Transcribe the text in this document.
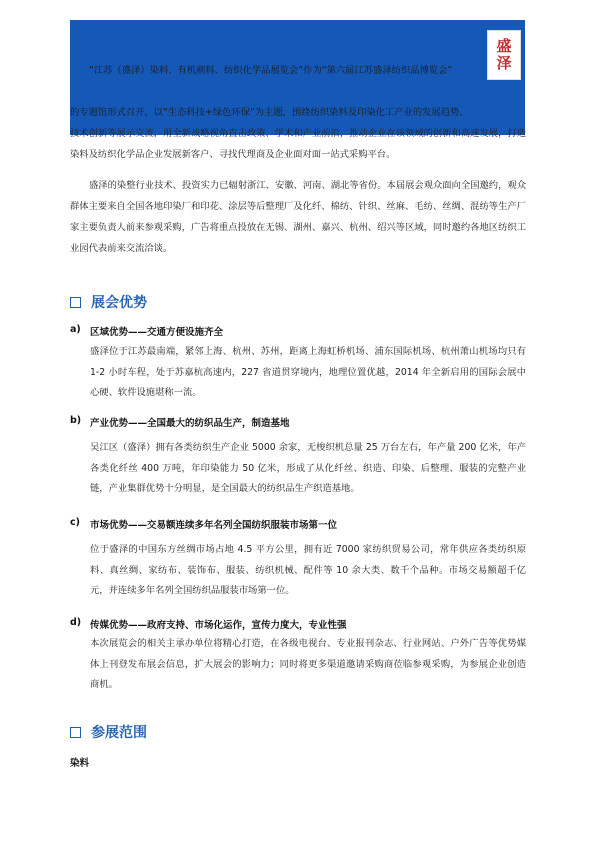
盛
泽

“江苏（盛泽）染料、有机颜料、纺织化学品展览会”作为“第六届江苏盛泽纺织品博览会”

的专题馆形式召开，以“生态科技+绿色环保”为主题，围绕纺织染料及印染化工产业的发展趋势、

技术创新等展示交流，用全新战略视角直击政策、学术和产业前沿，推动企业在该领域的创新和高速发展，打造染料及纺织化学品企业发展新客户、寻找代理商及企业面对面一站式采购平台。

盛泽的染整行业技术、投资实力已辐射浙江、安徽、河南、湖北等省份。本届展会观众面向全国邀约，观众群体主要来自全国各地印染厂和印花、涂层等后整理厂及化纤、棉纺、针织、丝麻、毛纺、丝绸、混纺等生产厂家主要负责人前来参观采购，广告将重点投放在无锡、湖州、嘉兴、杭州、绍兴等区域，同时邀约各地区纺织工业园代表前来交流洽谈。

展会优势
a) 区域优势——交通方便设施齐全

盛泽位于江苏最南端，紧邻上海、杭州、苏州，距离上海虹桥机场、浦东国际机场、杭州萧山机场均只有 1-2 小时车程，处于苏嘉杭高速内，227 省道贯穿境内，地理位置优越，2014 年全新启用的国际会展中心硬、软件设施堪称一流。

b) 产业优势——全国最大的纺织品生产，制造基地

吴江区（盛泽）拥有各类纺织生产企业 5000 余家，无梭织机总量 25 万台左右，年产量 200 亿米，年产各类化纤丝 400 万吨，年印染能力 50 亿米，形成了从化纤丝、织造、印染、后整理、服装的完整产业链，产业集群优势十分明显，是全国最大的纺织品生产织造基地。

c)	市场优势——交易额连续多年名列全国纺织服装市场第一位

位于盛泽的中国东方丝绸市场占地 4.5 平方公里，拥有近 7000 家纺织贸易公司，常年供应各类纺织原料、真丝绸、家纺布、装饰布、服装、纺织机械、配件等 10 余大类、数千个品种。市场交易额超千亿元，并连续多年名列全国纺织品服装市场第一位。

d) 传媒优势——政府支持、市场化运作，宣传力度大，专业性强

本次展览会的相关主承办单位将精心打造，在各级电视台、专业报刊杂志、行业网站、户外广告等优势媒体上刊登发布展会信息，扩大展会的影响力；同时将更多渠道邀请采购商莅临参观采购，为参展企业创造商机。

参展范围
染料
